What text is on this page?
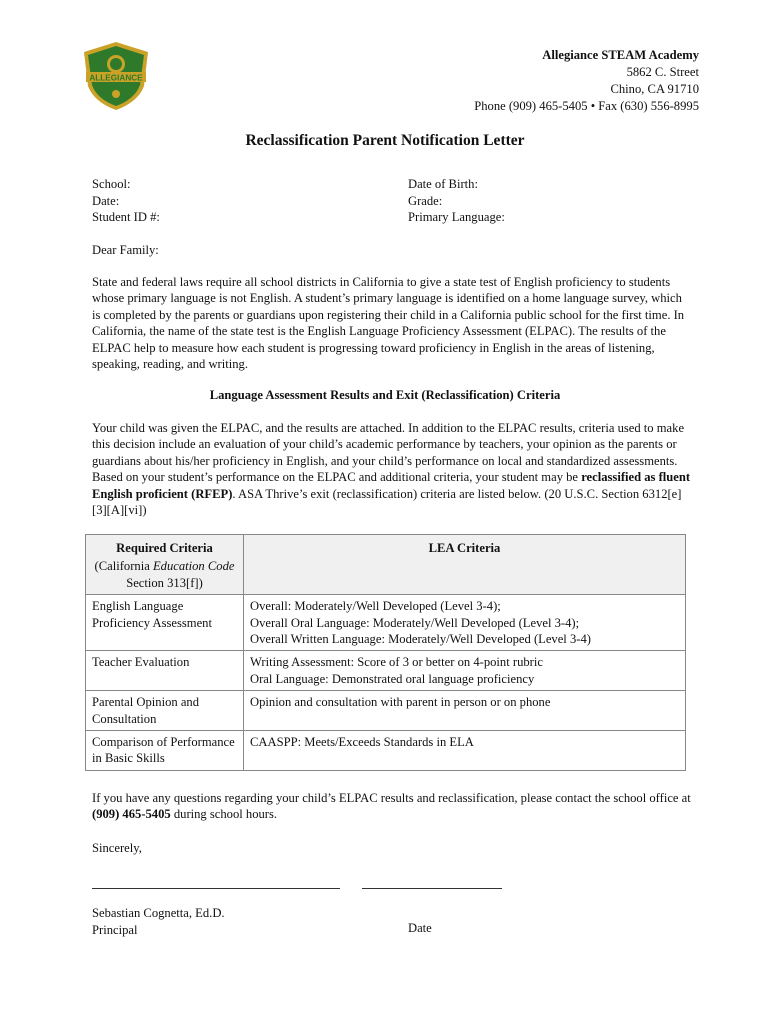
ALLEGIANCE
Allegiance STEAM Academy
5862 C. Street
Chino, CA 91710
Phone (909) 465-5405 • Fax (630) 556-8995
Reclassification Parent Notification Letter
School:
Date:
Student ID #:
Date of Birth:
Grade:
Primary Language:
Dear Family:
State and federal laws require all school districts in California to give a state test of English proficiency to students whose primary language is not English. A student’s primary language is identified on a home language survey, which is completed by the parents or guardians upon registering their child in a California public school for the first time. In California, the name of the state test is the English Language Proficiency Assessment (ELPAC). The results of the ELPAC help to measure how each student is progressing toward proficiency in English in the areas of listening, speaking, reading, and writing.
Language Assessment Results and Exit (Reclassification) Criteria
Your child was given the ELPAC, and the results are attached. In addition to the ELPAC results, criteria used to make this decision include an evaluation of your child’s academic performance by teachers, your opinion as the parents or guardians about his/her proficiency in English, and your child’s performance on local and standardized assessments. Based on your student’s performance on the ELPAC and additional criteria, your student may be reclassified as fluent English proficient (RFEP). ASA Thrive’s exit (reclassification) criteria are listed below. (20 U.S.C. Section 6312[e][3][A][vi])
Required Criteria
(California Education Code Section 313[f])	LEA Criteria
English Language Proficiency Assessment	Overall: Moderately/Well Developed (Level 3-4);
Overall Oral Language: Moderately/Well Developed (Level 3-4);
Overall Written Language: Moderately/Well Developed (Level 3-4)

Teacher Evaluation	Writing Assessment: Score of 3 or better on 4-point rubric
Oral Language: Demonstrated oral language proficiency

Parental Opinion and Consultation	Opinion and consultation with parent in person or on phone

Comparison of Performance in Basic Skills	CAASPP: Meets/Exceeds Standards in ELA
If you have any questions regarding your child’s ELPAC results and reclassification, please contact the school office at (909) 465-5405 during school hours.
Sincerely,
Sebastian Cognetta, Ed.D.
Principal	Date
